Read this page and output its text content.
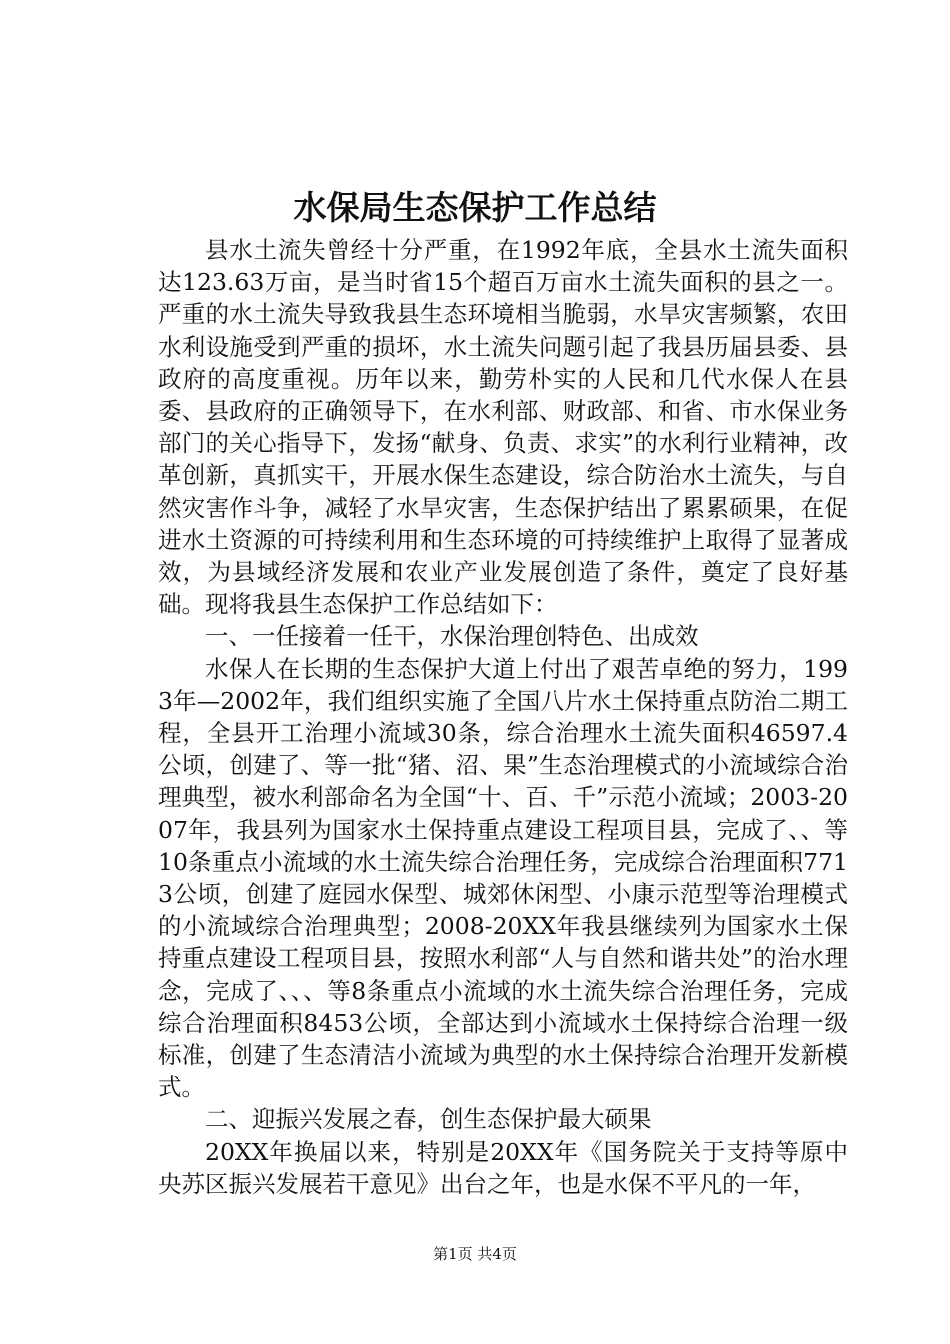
水保局生态保护工作总结

县水土流失曾经十分严重，在1992年底，全县水土流失面积达123.63万亩，是当时省15个超百万亩水土流失面积的县之一。严重的水土流失导致我县生态环境相当脆弱，水旱灾害频繁，农田水利设施受到严重的损坏，水土流失问题引起了我县历届县委、县政府的高度重视。历年以来，勤劳朴实的人民和几代水保人在县委、县政府的正确领导下，在水利部、财政部、和省、市水保业务部门的关心指导下，发扬“献身、负责、求实”的水利行业精神，改革创新，真抓实干，开展水保生态建设，综合防治水土流失，与自然灾害作斗争，减轻了水旱灾害，生态保护结出了累累硕果，在促进水土资源的可持续利用和生态环境的可持续维护上取得了显著成效，为县域经济发展和农业产业发展创造了条件，奠定了良好基础。现将我县生态保护工作总结如下：

一、一任接着一任干，水保治理创特色、出成效

水保人在长期的生态保护大道上付出了艰苦卓绝的努力，1993年—2002年，我们组织实施了全国八片水土保持重点防治二期工程，全县开工治理小流域30条，综合治理水土流失面积46597.4公顷，创建了、等一批“猪、沼、果”生态治理模式的小流域综合治理典型，被水利部命名为全国“十、百、千”示范小流域；2003-2007年，我县列为国家水土保持重点建设工程项目县，完成了、、等10条重点小流域的水土流失综合治理任务，完成综合治理面积7713公顷，创建了庭园水保型、城郊休闲型、小康示范型等治理模式的小流域综合治理典型；2008-20XX年我县继续列为国家水土保持重点建设工程项目县，按照水利部“人与自然和谐共处”的治水理念，完成了、、、等8条重点小流域的水土流失综合治理任务，完成综合治理面积8453公顷，全部达到小流域水土保持综合治理一级标准，创建了生态清洁小流域为典型的水土保持综合治理开发新模式。

二、迎振兴发展之春，创生态保护最大硕果

20XX年换届以来，特别是20XX年《国务院关于支持等原中央苏区振兴发展若干意见》出台之年，也是水保不平凡的一年，

第1页 共4页
